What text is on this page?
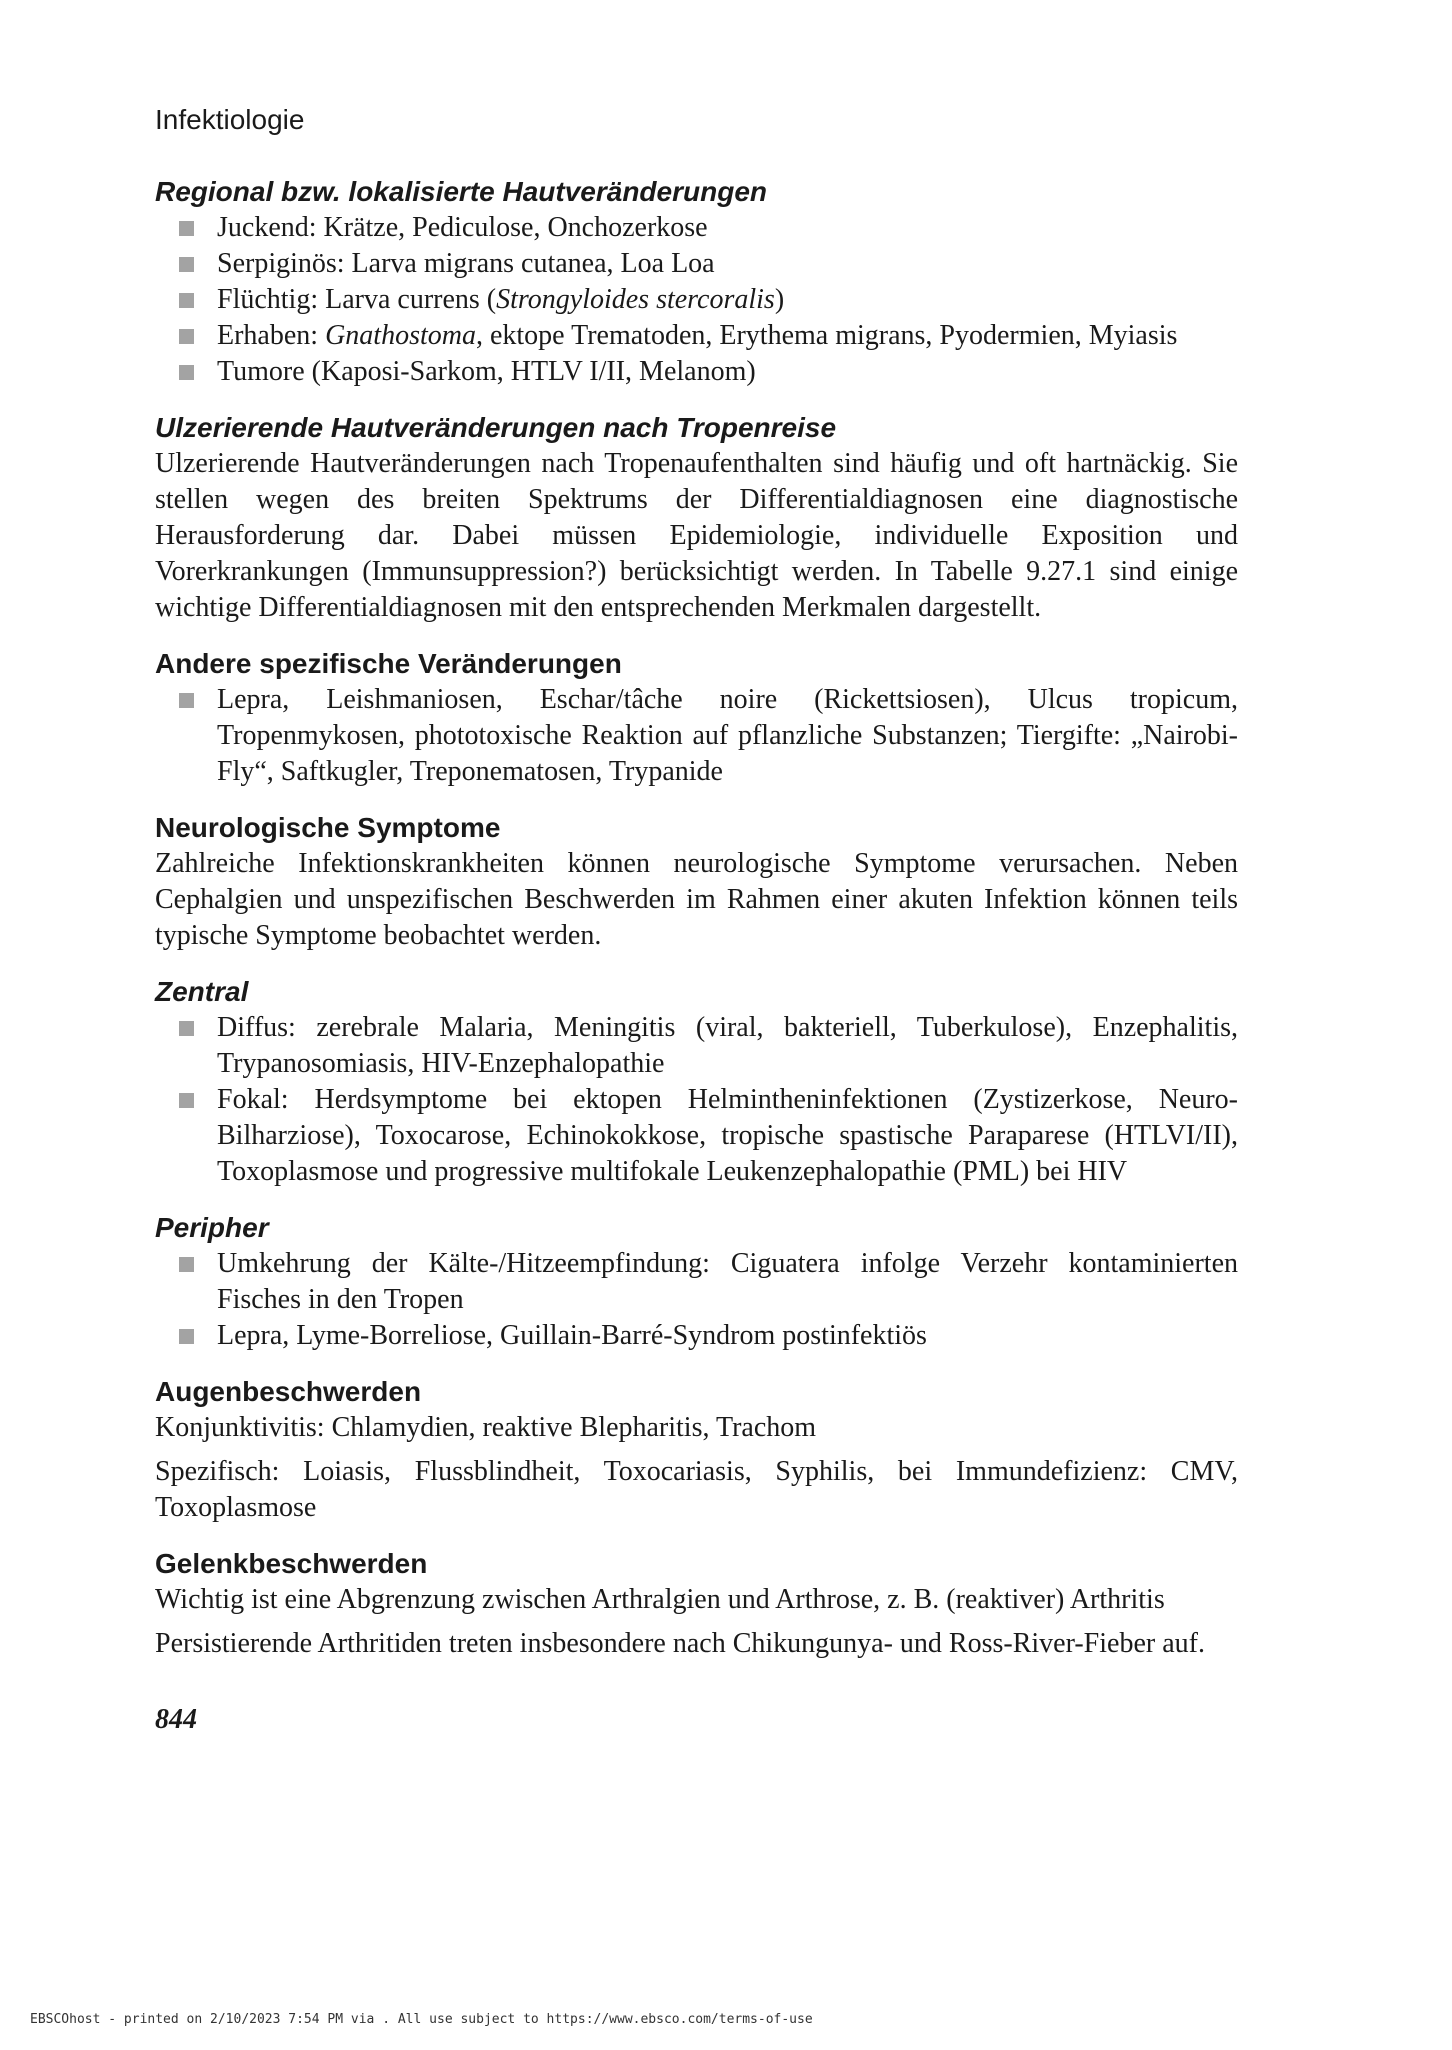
Infektiologie
Regional bzw. lokalisierte Hautveränderungen
Juckend: Krätze, Pediculose, Onchozerkose
Serpiginös: Larva migrans cutanea, Loa Loa
Flüchtig: Larva currens (Strongyloides stercoralis)
Erhaben: Gnathostoma, ektope Trematoden, Erythema migrans, Pyodermien, Myiasis
Tumore (Kaposi-Sarkom, HTLV I/II, Melanom)
Ulzerierende Hautveränderungen nach Tropenreise

Ulzerierende Hautveränderungen nach Tropenaufenthalten sind häufig und oft hartnäckig. Sie stellen wegen des breiten Spektrums der Differentialdiagnosen eine diagnostische Herausforderung dar. Dabei müssen Epidemiologie, individuelle Exposition und Vorerkrankungen (Immunsuppression?) berücksichtigt werden. In Tabelle 9.27.1 sind einige wichtige Differentialdiagnosen mit den entsprechenden Merkmalen dargestellt.

Andere spezifische Veränderungen
Lepra, Leishmaniosen, Eschar/tâche noire (Rickettsiosen), Ulcus tropicum, Tropenmykosen, phototoxische Reaktion auf pflanzliche Substanzen; Tiergifte: „Nairobi-Fly“, Saftkugler, Treponematosen, Trypanide
Neurologische Symptome

Zahlreiche Infektionskrankheiten können neurologische Symptome verursachen. Neben Cephalgien und unspezifischen Beschwerden im Rahmen einer akuten Infektion können teils typische Symptome beobachtet werden.

Zentral
Diffus: zerebrale Malaria, Meningitis (viral, bakteriell, Tuberkulose), Enzephalitis, Trypanosomiasis, HIV-Enzephalopathie
Fokal: Herdsymptome bei ektopen Helmintheninfektionen (Zystizerkose, Neuro-Bilharziose), Toxocarose, Echinokokkose, tropische spastische Paraparese (HTLVI/II), Toxoplasmose und progressive multifokale Leukenzephalopathie (PML) bei HIV
Peripher
Umkehrung der Kälte-/Hitzeempfindung: Ciguatera infolge Verzehr kontaminierten Fisches in den Tropen
Lepra, Lyme-Borreliose, Guillain-Barré-Syndrom postinfektiös
Augenbeschwerden

Konjunktivitis: Chlamydien, reaktive Blepharitis, Trachom

Spezifisch: Loiasis, Flussblindheit, Toxocariasis, Syphilis, bei Immundefizienz: CMV, Toxoplasmose

Gelenkbeschwerden

Wichtig ist eine Abgrenzung zwischen Arthralgien und Arthrose, z. B. (reaktiver) Arthritis

Persistierende Arthritiden treten insbesondere nach Chikungunya- und Ross-River-Fieber auf.

844
EBSCOhost - printed on 2/10/2023 7:54 PM via . All use subject to https://www.ebsco.com/terms-of-use
